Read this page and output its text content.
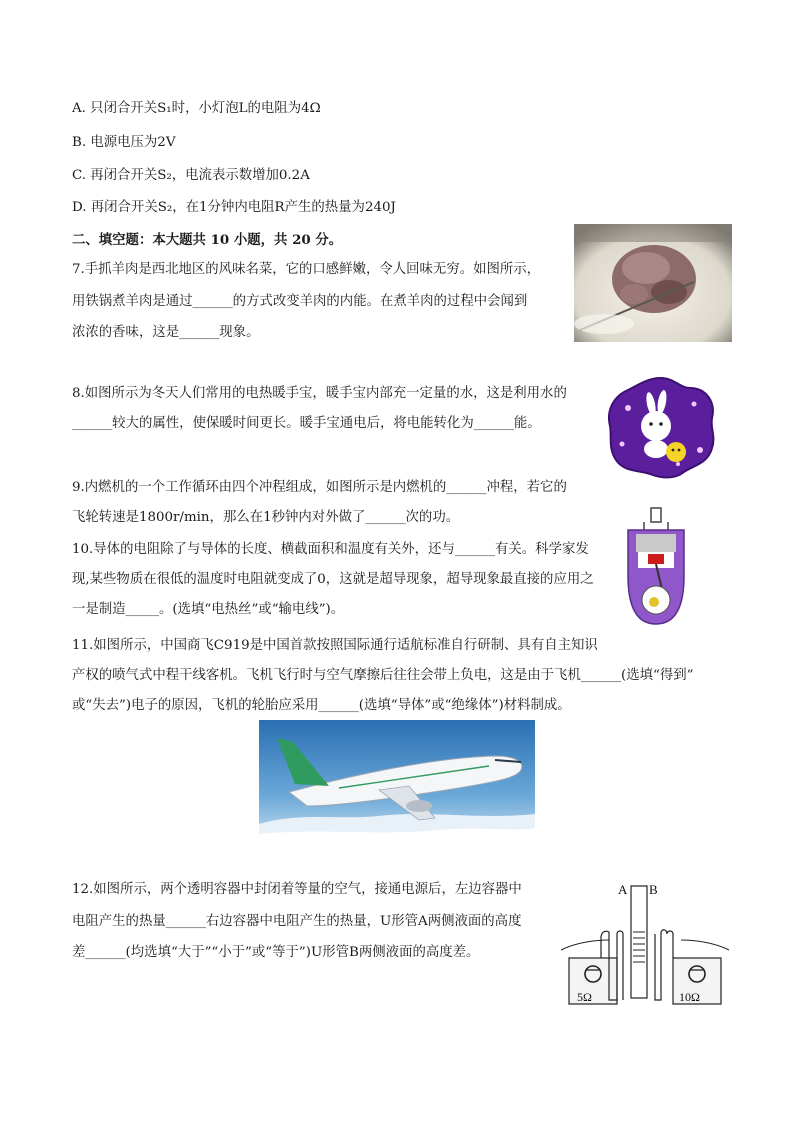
A. 只闭合开关S₁时，小灯泡L的电阻为4Ω
B. 电源电压为2V
C. 再闭合开关S₂，电流表示数增加0.2A
D. 再闭合开关S₂，在1分钟内电阻R产生的热量为240J
二、填空题：本大题共 10 小题，共 20 分。
7.手抓羊肉是西北地区的风味名菜，它的口感鲜嫩，令人回味无穷。如图所示，
用铁锅煮羊肉是通过______的方式改变羊肉的内能。在煮羊肉的过程中会闻到
浓浓的香味，这是______现象。
8.如图所示为冬天人们常用的电热暖手宝，暖手宝内部充一定量的水，这是利用水的
______较大的属性，使保暖时间更长。暖手宝通电后，将电能转化为______能。
9.内燃机的一个工作循环由四个冲程组成，如图所示是内燃机的______冲程，若它的
飞轮转速是1800r/min，那么在1秒钟内对外做了______次的功。
10.导体的电阻除了与导体的长度、横截面积和温度有关外，还与______有关。科学家发
现,某些物质在很低的温度时电阻就变成了0，这就是超导现象，超导现象最直接的应用之
一是制造_____。(选填“电热丝”或“输电线”)。
11.如图所示，中国商飞C919是中国首款按照国际通行适航标准自行研制、具有自主知识
产权的喷气式中程干线客机。飞机飞行时与空气摩擦后往往会带上负电，这是由于飞机______(选填“得到”
或“失去”)电子的原因，飞机的轮胎应采用______(选填“导体”或“绝缘体”)材料制成。
12.如图所示，两个透明容器中封闭着等量的空气，接通电源后，左边容器中
电阻产生的热量______右边容器中电阻产生的热量，U形管A两侧液面的高度
差______(均选填“大于”“小于”或“等于”)U形管B两侧液面的高度差。
A B
5Ω	10Ω
